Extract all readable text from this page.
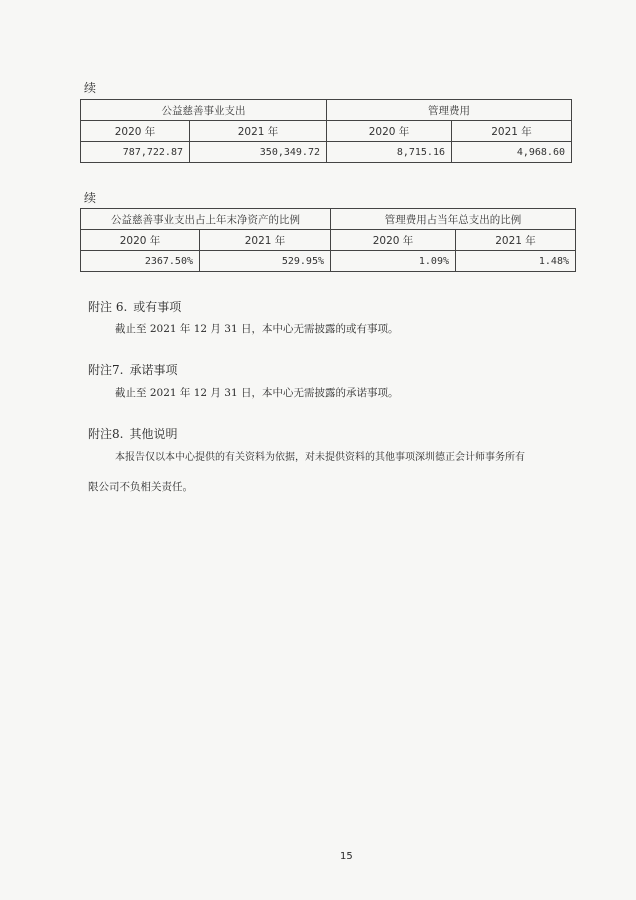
续
公益慈善事业支出		管理费用	
2020 年	2021 年	2020 年	2021 年
787,722.87	350,349.72	8,715.16	4,968.60
续
公益慈善事业支出占上年末净资产的比例		管理费用占当年总支出的比例	
2020 年	2021 年	2020 年	2021 年
2367.50%	529.95%	1.09%	1.48%
附注 6. 或有事项
截止至 2021 年 12 月 31 日，本中心无需披露的或有事项。
附注7. 承诺事项
截止至 2021 年 12 月 31 日，本中心无需披露的承诺事项。
附注8. 其他说明
本报告仅以本中心提供的有关资料为依据，对未提供资料的其他事项深圳德正会计师事务所有
限公司不负相关责任。
15
